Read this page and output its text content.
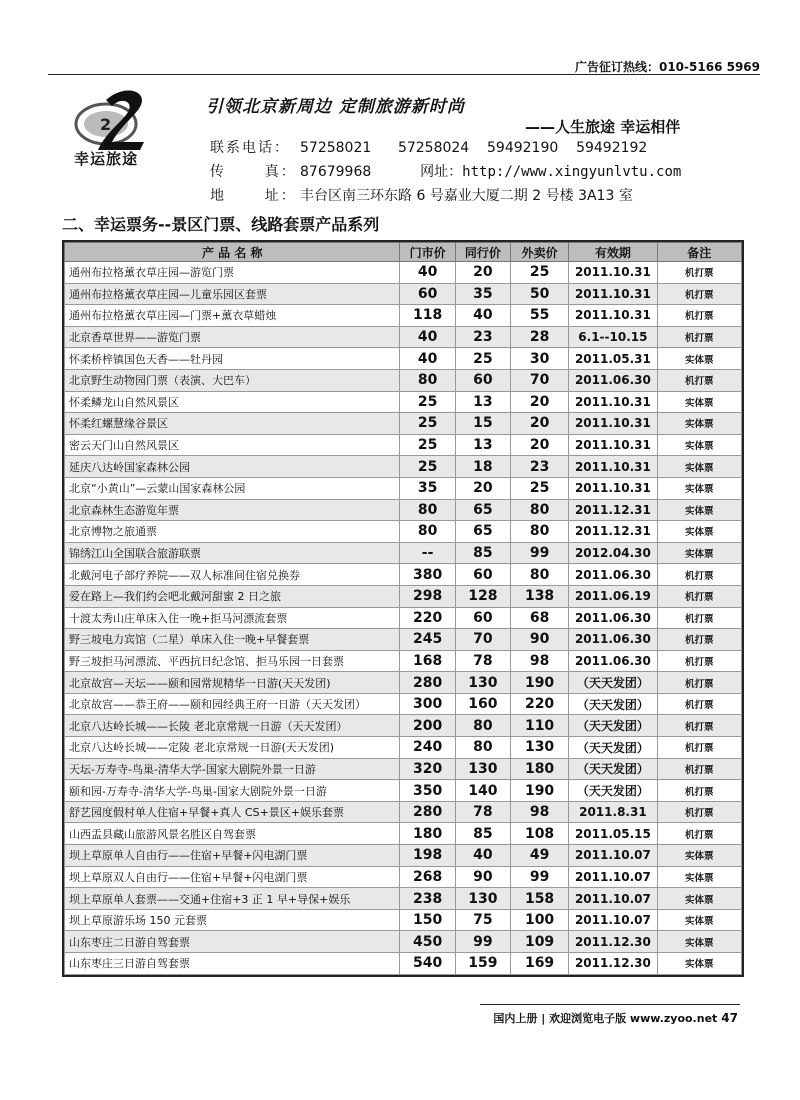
广告征订热线：010-5166 5969
2
幸运旅途
引领北京新周边 定制旅游新时尚
——人生旅途 幸运相伴
联系电话： 57258021      57258024    59492190    59492192
传      真： 87679968	网址：http://www.xingyunlvtu.com
地      址： 丰台区南三环东路 6 号嘉业大厦二期 2 号楼 3A13 室
二、幸运票务--景区门票、线路套票产品系列
产 品 名 称	门市价	同行价	外卖价	有效期	备注
通州布拉格薰衣草庄园—游览门票	40	20	25	2011.10.31	机打票
通州布拉格薰衣草庄园—儿童乐园区套票	60	35	50	2011.10.31	机打票
通州布拉格薰衣草庄园—门票+薰衣草蜡烛	118	40	55	2011.10.31	机打票
北京香草世界——游览门票	40	23	28	6.1--10.15	机打票
怀柔桥梓镇国色天香——牡丹园	40	25	30	2011.05.31	实体票
北京野生动物园门票（表演、大巴车）	80	60	70	2011.06.30	机打票
怀柔鳞龙山自然风景区	25	13	20	2011.10.31	实体票
怀柔红螺慧缘谷景区	25	15	20	2011.10.31	实体票
密云天门山自然风景区	25	13	20	2011.10.31	实体票
延庆八达岭国家森林公园	25	18	23	2011.10.31	实体票
北京“小黄山”—云蒙山国家森林公园	35	20	25	2011.10.31	实体票
北京森林生态游览年票	80	65	80	2011.12.31	实体票
北京博物之旅通票	80	65	80	2011.12.31	实体票
锦绣江山全国联合旅游联票	--	85	99	2012.04.30	实体票
北戴河电子部疗养院——双人标准间住宿兑换券	380	60	80	2011.06.30	机打票
爱在路上—我们约会吧北戴河甜蜜 2 日之旅	298	128	138	2011.06.19	机打票
十渡太秀山庄单床入住一晚+拒马河漂流套票	220	60	68	2011.06.30	机打票
野三坡电力宾馆（二星）单床入住一晚+早餐套票	245	70	90	2011.06.30	机打票
野三坡拒马河漂流、平西抗日纪念馆、拒马乐园一日套票	168	78	98	2011.06.30	机打票
北京故宫—天坛——颐和园常规精华一日游(天天发团)	280	130	190	（天天发团）	机打票
北京故宫——恭王府——颐和园经典王府一日游（天天发团）	300	160	220	（天天发团）	机打票
北京八达岭长城——长陵 老北京常规一日游（天天发团）	200	80	110	（天天发团）	机打票
北京八达岭长城——定陵 老北京常规一日游(天天发团)	240	80	130	（天天发团）	机打票
天坛-万寿寺-鸟巢-清华大学-国家大剧院外景一日游	320	130	180	（天天发团）	机打票
颐和园-万寿寺-清华大学-鸟巢-国家大剧院外景一日游	350	140	190	（天天发团）	机打票
舒艺园度假村单人住宿+早餐+真人 CS+景区+娱乐套票	280	78	98	2011.8.31	机打票
山西盂县藏山旅游风景名胜区自驾套票	180	85	108	2011.05.15	机打票
坝上草原单人自由行——住宿+早餐+闪电湖门票	198	40	49	2011.10.07	实体票
坝上草原双人自由行——住宿+早餐+闪电湖门票	268	90	99	2011.10.07	实体票
坝上草原单人套票——交通+住宿+3 正 1 早+导保+娱乐	238	130	158	2011.10.07	实体票
坝上草原游乐场 150 元套票	150	75	100	2011.10.07	实体票
山东枣庄二日游自驾套票	450	99	109	2011.12.30	实体票
山东枣庄三日游自驾套票	540	159	169	2011.12.30	实体票
国内上册 | 欢迎浏览电子版 www.zyoo.net 47
